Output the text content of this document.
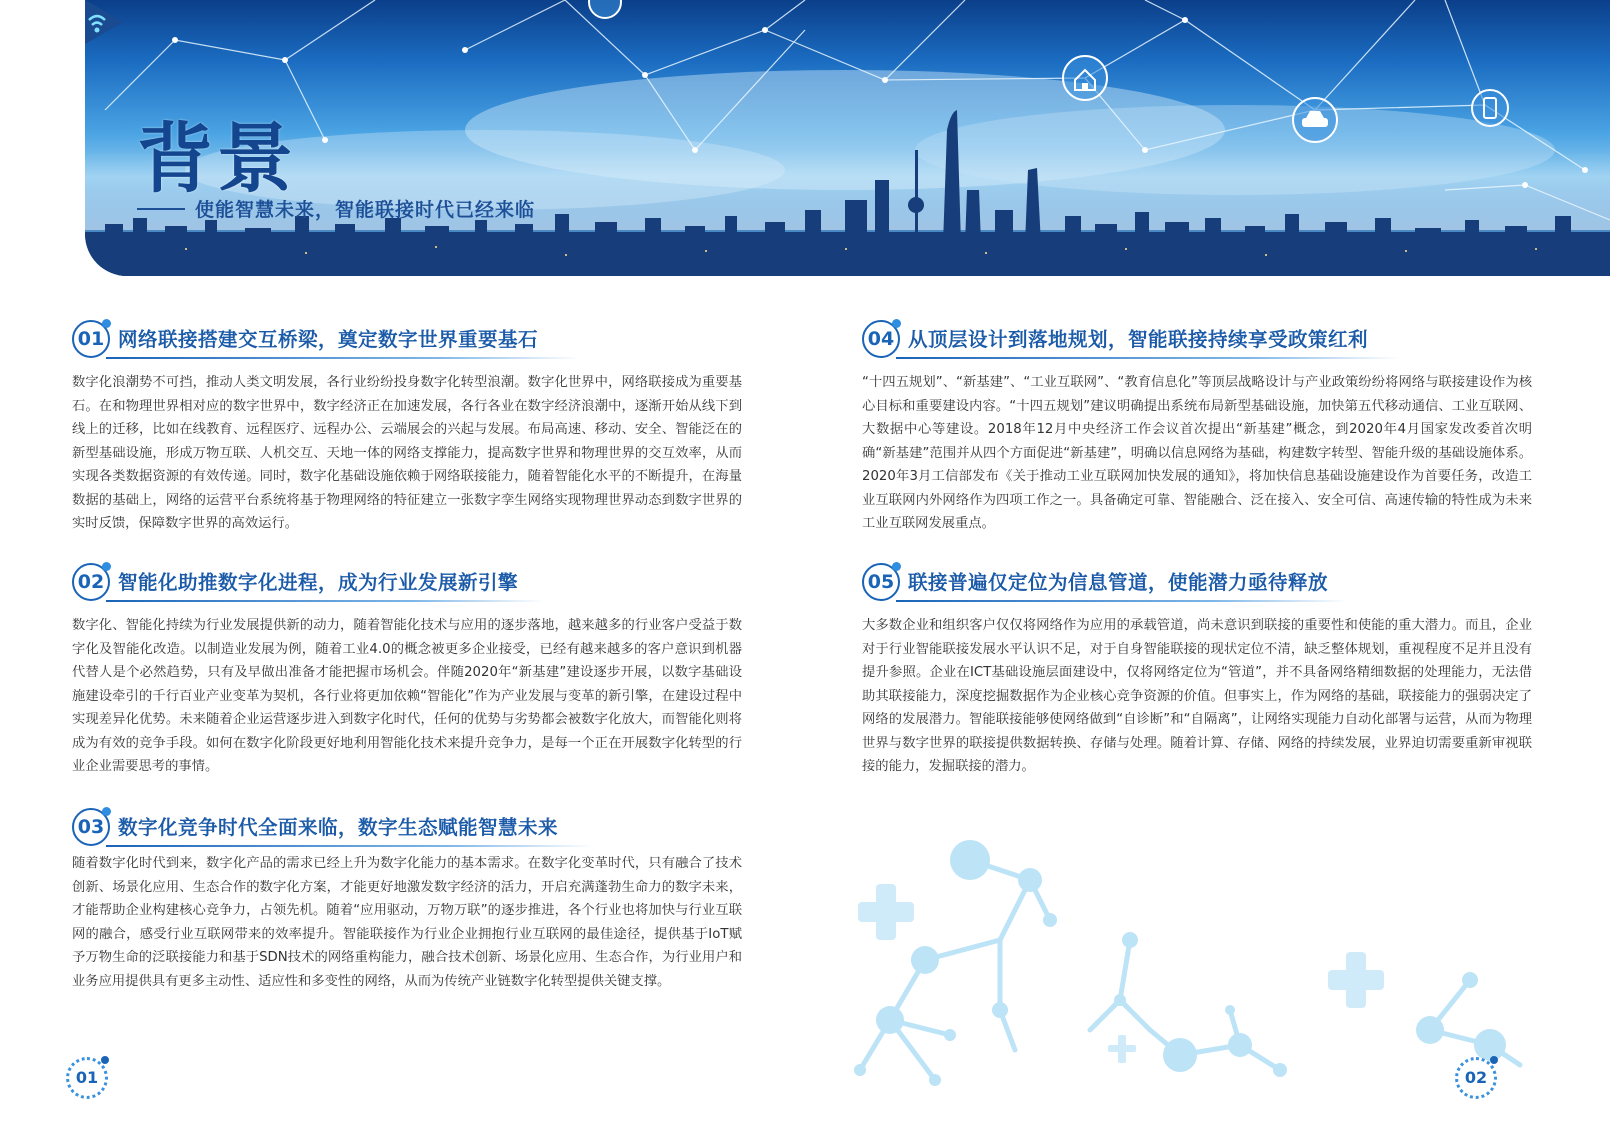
背景
使能智慧未来，智能联接时代已经来临
01 网络联接搭建交互桥梁，奠定数字世界重要基石
数字化浪潮势不可挡，推动人类文明发展，各行业纷纷投身数字化转型浪潮。数字化世界中，网络联接成为重要基石。在和物理世界相对应的数字世界中，数字经济正在加速发展，各行各业在数字经济浪潮中，逐渐开始从线下到线上的迁移，比如在线教育、远程医疗、远程办公、云端展会的兴起与发展。布局高速、移动、安全、智能泛在的新型基础设施，形成万物互联、人机交互、天地一体的网络支撑能力，提高数字世界和物理世界的交互效率，从而实现各类数据资源的有效传递。同时，数字化基础设施依赖于网络联接能力，随着智能化水平的不断提升，在海量数据的基础上，网络的运营平台系统将基于物理网络的特征建立一张数字孪生网络实现物理世界动态到数字世界的实时反馈，保障数字世界的高效运行。
02 智能化助推数字化进程，成为行业发展新引擎
数字化、智能化持续为行业发展提供新的动力，随着智能化技术与应用的逐步落地，越来越多的行业客户受益于数字化及智能化改造。以制造业发展为例，随着工业4.0的概念被更多企业接受，已经有越来越多的客户意识到机器代替人是个必然趋势，只有及早做出准备才能把握市场机会。伴随2020年“新基建”建设逐步开展，以数字基础设施建设牵引的千行百业产业变革为契机，各行业将更加依赖“智能化”作为产业发展与变革的新引擎，在建设过程中实现差异化优势。未来随着企业运营逐步进入到数字化时代，任何的优势与劣势都会被数字化放大，而智能化则将成为有效的竞争手段。如何在数字化阶段更好地利用智能化技术来提升竞争力，是每一个正在开展数字化转型的行业企业需要思考的事情。
03 数字化竞争时代全面来临，数字生态赋能智慧未来
随着数字化时代到来，数字化产品的需求已经上升为数字化能力的基本需求。在数字化变革时代，只有融合了技术创新、场景化应用、生态合作的数字化方案，才能更好地激发数字经济的活力，开启充满蓬勃生命力的数字未来，才能帮助企业构建核心竞争力，占领先机。随着“应用驱动，万物万联”的逐步推进，各个行业也将加快与行业互联网的融合，感受行业互联网带来的效率提升。智能联接作为行业企业拥抱行业互联网的最佳途径，提供基于IoT赋予万物生命的泛联接能力和基于SDN技术的网络重构能力，融合技术创新、场景化应用、生态合作，为行业用户和业务应用提供具有更多主动性、适应性和多变性的网络，从而为传统产业链数字化转型提供关键支撑。
04 从顶层设计到落地规划，智能联接持续享受政策红利
“十四五规划”、“新基建”、“工业互联网”、“教育信息化”等顶层战略设计与产业政策纷纷将网络与联接建设作为核心目标和重要建设内容。“十四五规划”建议明确提出系统布局新型基础设施，加快第五代移动通信、工业互联网、大数据中心等建设。2018年12月中央经济工作会议首次提出“新基建”概念，到2020年4月国家发改委首次明确“新基建”范围并从四个方面促进“新基建”，明确以信息网络为基础，构建数字转型、智能升级的基础设施体系。2020年3月工信部发布《关于推动工业互联网加快发展的通知》，将加快信息基础设施建设作为首要任务，改造工业互联网内外网络作为四项工作之一。具备确定可靠、智能融合、泛在接入、安全可信、高速传输的特性成为未来工业互联网发展重点。
05 联接普遍仅定位为信息管道，使能潜力亟待释放
大多数企业和组织客户仅仅将网络作为应用的承载管道，尚未意识到联接的重要性和使能的重大潜力。而且，企业对于行业智能联接发展水平认识不足，对于自身智能联接的现状定位不清，缺乏整体规划，重视程度不足并且没有提升参照。企业在ICT基础设施层面建设中，仅将网络定位为“管道”，并不具备网络精细数据的处理能力，无法借助其联接能力，深度挖掘数据作为企业核心竞争资源的价值。但事实上，作为网络的基础，联接能力的强弱决定了网络的发展潜力。智能联接能够使网络做到“自诊断”和“自隔离”，让网络实现能力自动化部署与运营，从而为物理世界与数字世界的联接提供数据转换、存储与处理。随着计算、存储、网络的持续发展，业界迫切需要重新审视联接的能力，发掘联接的潜力。
01	02
